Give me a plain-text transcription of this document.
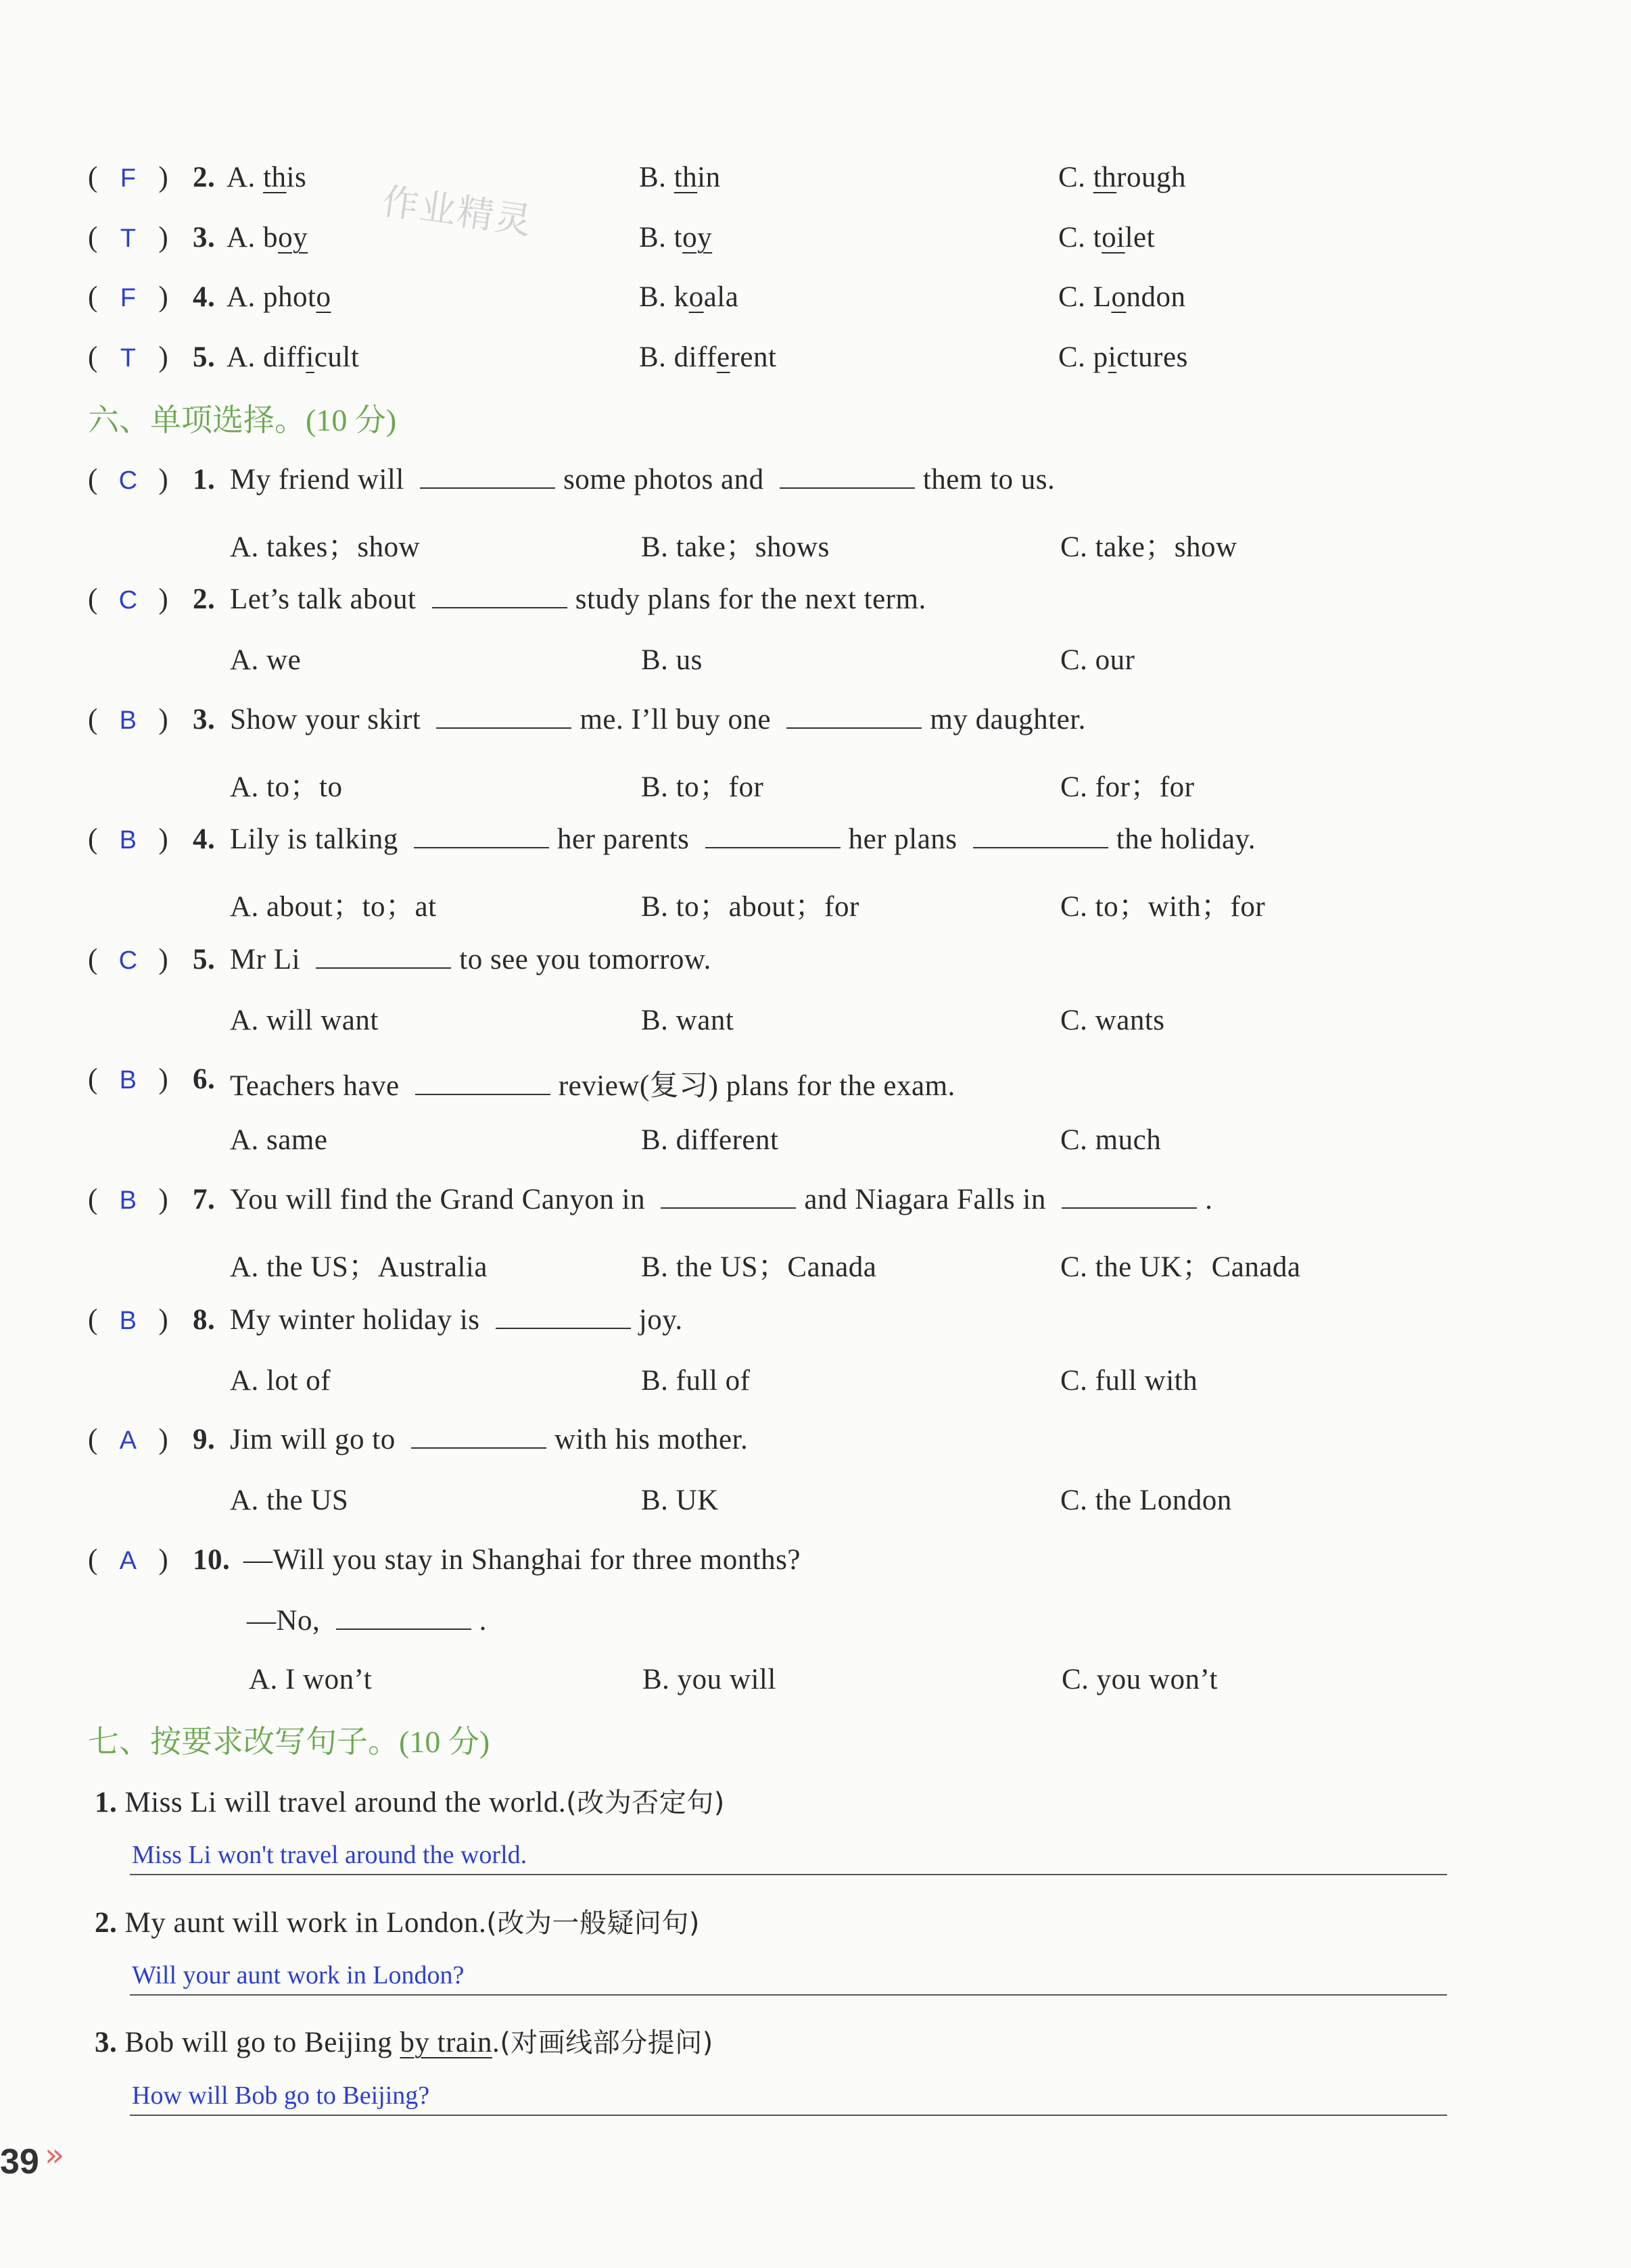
作业精灵
( F ) 2. A. this	B. thin	C. through
( T ) 3. A. boy	B. toy	C. toilet
( F ) 4. A. photo	B. koala	C. London
( T ) 5. A. difficult	B. different	C. pictures
六、单项选择。(10 分)
( C ) 1. My friend will	some photos and	them to us.
A. takes；show	B. take；shows	C. take；show
( C ) 2. Let’s talk about	study plans for the next term.
A. we	B. us	C. our
( B ) 3. Show your skirt	me. I’ll buy one	my daughter.
A. to；to	B. to；for	C. for；for
( B ) 4. Lily is talking	her parents	her plans	the holiday.
A. about；to；at	B. to；about；for	C. to；with；for
( C ) 5. Mr Li	to see you tomorrow.
A. will want	B. want	C. wants
( B ) 6. Teachers have	review(复习) plans for the exam.
A. same	B. different	C. much
( B ) 7. You will find the Grand Canyon in	and Niagara Falls in	.
A. the US；Australia	B. the US；Canada	C. the UK；Canada
( B ) 8. My winter holiday is	joy.
A. lot of	B. full of	C. full with
( A ) 9. Jim will go to	with his mother.
A. the US	B. UK	C. the London
( A ) 10. —Will you stay in Shanghai for three months?
—No,	.
A. I won’t	B. you will	C. you won’t
七、按要求改写句子。(10 分)
1. Miss Li will travel around the world.(改为否定句)
Miss Li won't travel around the world.
2. My aunt will work in London.(改为一般疑问句)
Will your aunt work in London?
3. Bob will go to Beijing by train.(对画线部分提问)
How will Bob go to Beijing?
39 »
